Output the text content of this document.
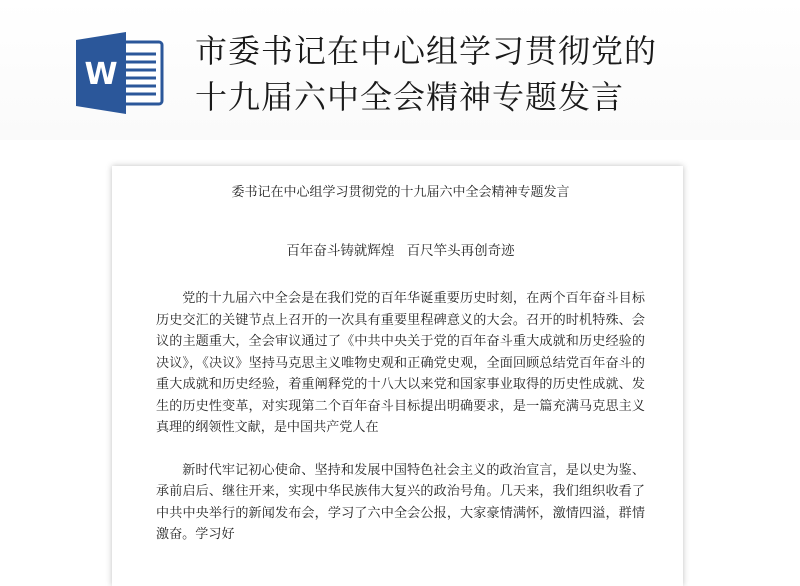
W
市委书记在中心组学习贯彻党的
十九届六中全会精神专题发言
委书记在中心组学习贯彻党的十九届六中全会精神专题发言
百年奋斗铸就辉煌 百尺竿头再创奇迹
党的十九届六中全会是在我们党的百年华诞重要历史时刻，在两个百年奋斗目标历史交汇的关键节点上召开的一次具有重要里程碑意义的大会。召开的时机特殊、会议的主题重大，全会审议通过了《中共中央关于党的百年奋斗重大成就和历史经验的决议》，《决议》坚持马克思主义唯物史观和正确党史观，全面回顾总结党百年奋斗的重大成就和历史经验，着重阐释党的十八大以来党和国家事业取得的历史性成就、发生的历史性变革，对实现第二个百年奋斗目标提出明确要求，是一篇充满马克思主义真理的纲领性文献，是中国共产党人在
新时代牢记初心使命、坚持和发展中国特色社会主义的政治宣言，是以史为鉴、承前启后、继往开来，实现中华民族伟大复兴的政治号角。几天来，我们组织收看了中共中央举行的新闻发布会，学习了六中全会公报，大家豪情满怀，激情四溢，群情激奋。学习好
